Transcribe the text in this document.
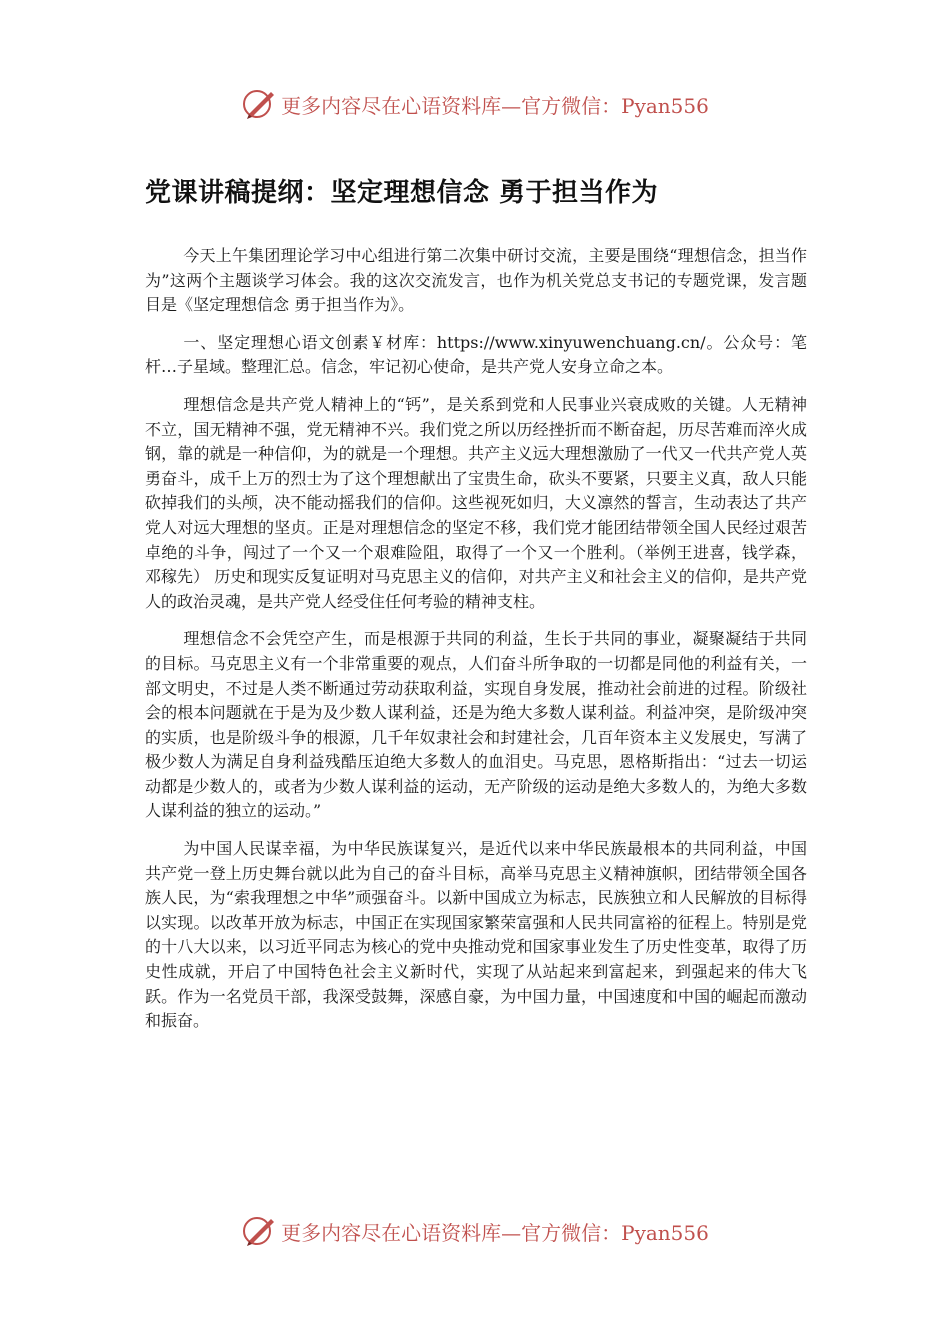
更多内容尽在心语资料库—官方微信：Pyan556
党课讲稿提纲：坚定理想信念 勇于担当作为

今天上午集团理论学习中心组进行第二次集中研讨交流，主要是围绕“理想信念，担当作为”这两个主题谈学习体会。我的这次交流发言，也作为机关党总支书记的专题党课，发言题目是《坚定理想信念 勇于担当作为》。

一、坚定理想心语文创素￥材库：https://www.xinyuwenchuang.cn/。公众号：笔杆…子星域。整理汇总。信念，牢记初心使命，是共产党人安身立命之本。

理想信念是共产党人精神上的“钙”，是关系到党和人民事业兴衰成败的关键。人无精神不立，国无精神不强，党无精神不兴。我们党之所以历经挫折而不断奋起，历尽苦难而淬火成钢，靠的就是一种信仰，为的就是一个理想。共产主义远大理想激励了一代又一代共产党人英勇奋斗，成千上万的烈士为了这个理想献出了宝贵生命，砍头不要紧，只要主义真，敌人只能砍掉我们的头颅，决不能动摇我们的信仰。这些视死如归，大义凛然的誓言，生动表达了共产党人对远大理想的坚贞。正是对理想信念的坚定不移，我们党才能团结带领全国人民经过艰苦卓绝的斗争，闯过了一个又一个艰难险阻，取得了一个又一个胜利。（举例王进喜，钱学森，邓稼先） 历史和现实反复证明对马克思主义的信仰，对共产主义和社会主义的信仰，是共产党人的政治灵魂，是共产党人经受住任何考验的精神支柱。

理想信念不会凭空产生，而是根源于共同的利益，生长于共同的事业，凝聚凝结于共同的目标。马克思主义有一个非常重要的观点，人们奋斗所争取的一切都是同他的利益有关，一部文明史，不过是人类不断通过劳动获取利益，实现自身发展，推动社会前进的过程。阶级社会的根本问题就在于是为及少数人谋利益，还是为绝大多数人谋利益。利益冲突，是阶级冲突的实质，也是阶级斗争的根源，几千年奴隶社会和封建社会，几百年资本主义发展史，写满了极少数人为满足自身利益残酷压迫绝大多数人的血泪史。马克思，恩格斯指出：“过去一切运动都是少数人的，或者为少数人谋利益的运动，无产阶级的运动是绝大多数人的，为绝大多数人谋利益的独立的运动。”

为中国人民谋幸福，为中华民族谋复兴，是近代以来中华民族最根本的共同利益，中国共产党一登上历史舞台就以此为自己的奋斗目标，高举马克思主义精神旗帜，团结带领全国各族人民，为“索我理想之中华”顽强奋斗。以新中国成立为标志，民族独立和人民解放的目标得以实现。以改革开放为标志，中国正在实现国家繁荣富强和人民共同富裕的征程上。特别是党的十八大以来，以习近平同志为核心的党中央推动党和国家事业发生了历史性变革，取得了历史性成就，开启了中国特色社会主义新时代，实现了从站起来到富起来，到强起来的伟大飞跃。作为一名党员干部，我深受鼓舞，深感自豪，为中国力量，中国速度和中国的崛起而激动和振奋。

更多内容尽在心语资料库—官方微信：Pyan556
